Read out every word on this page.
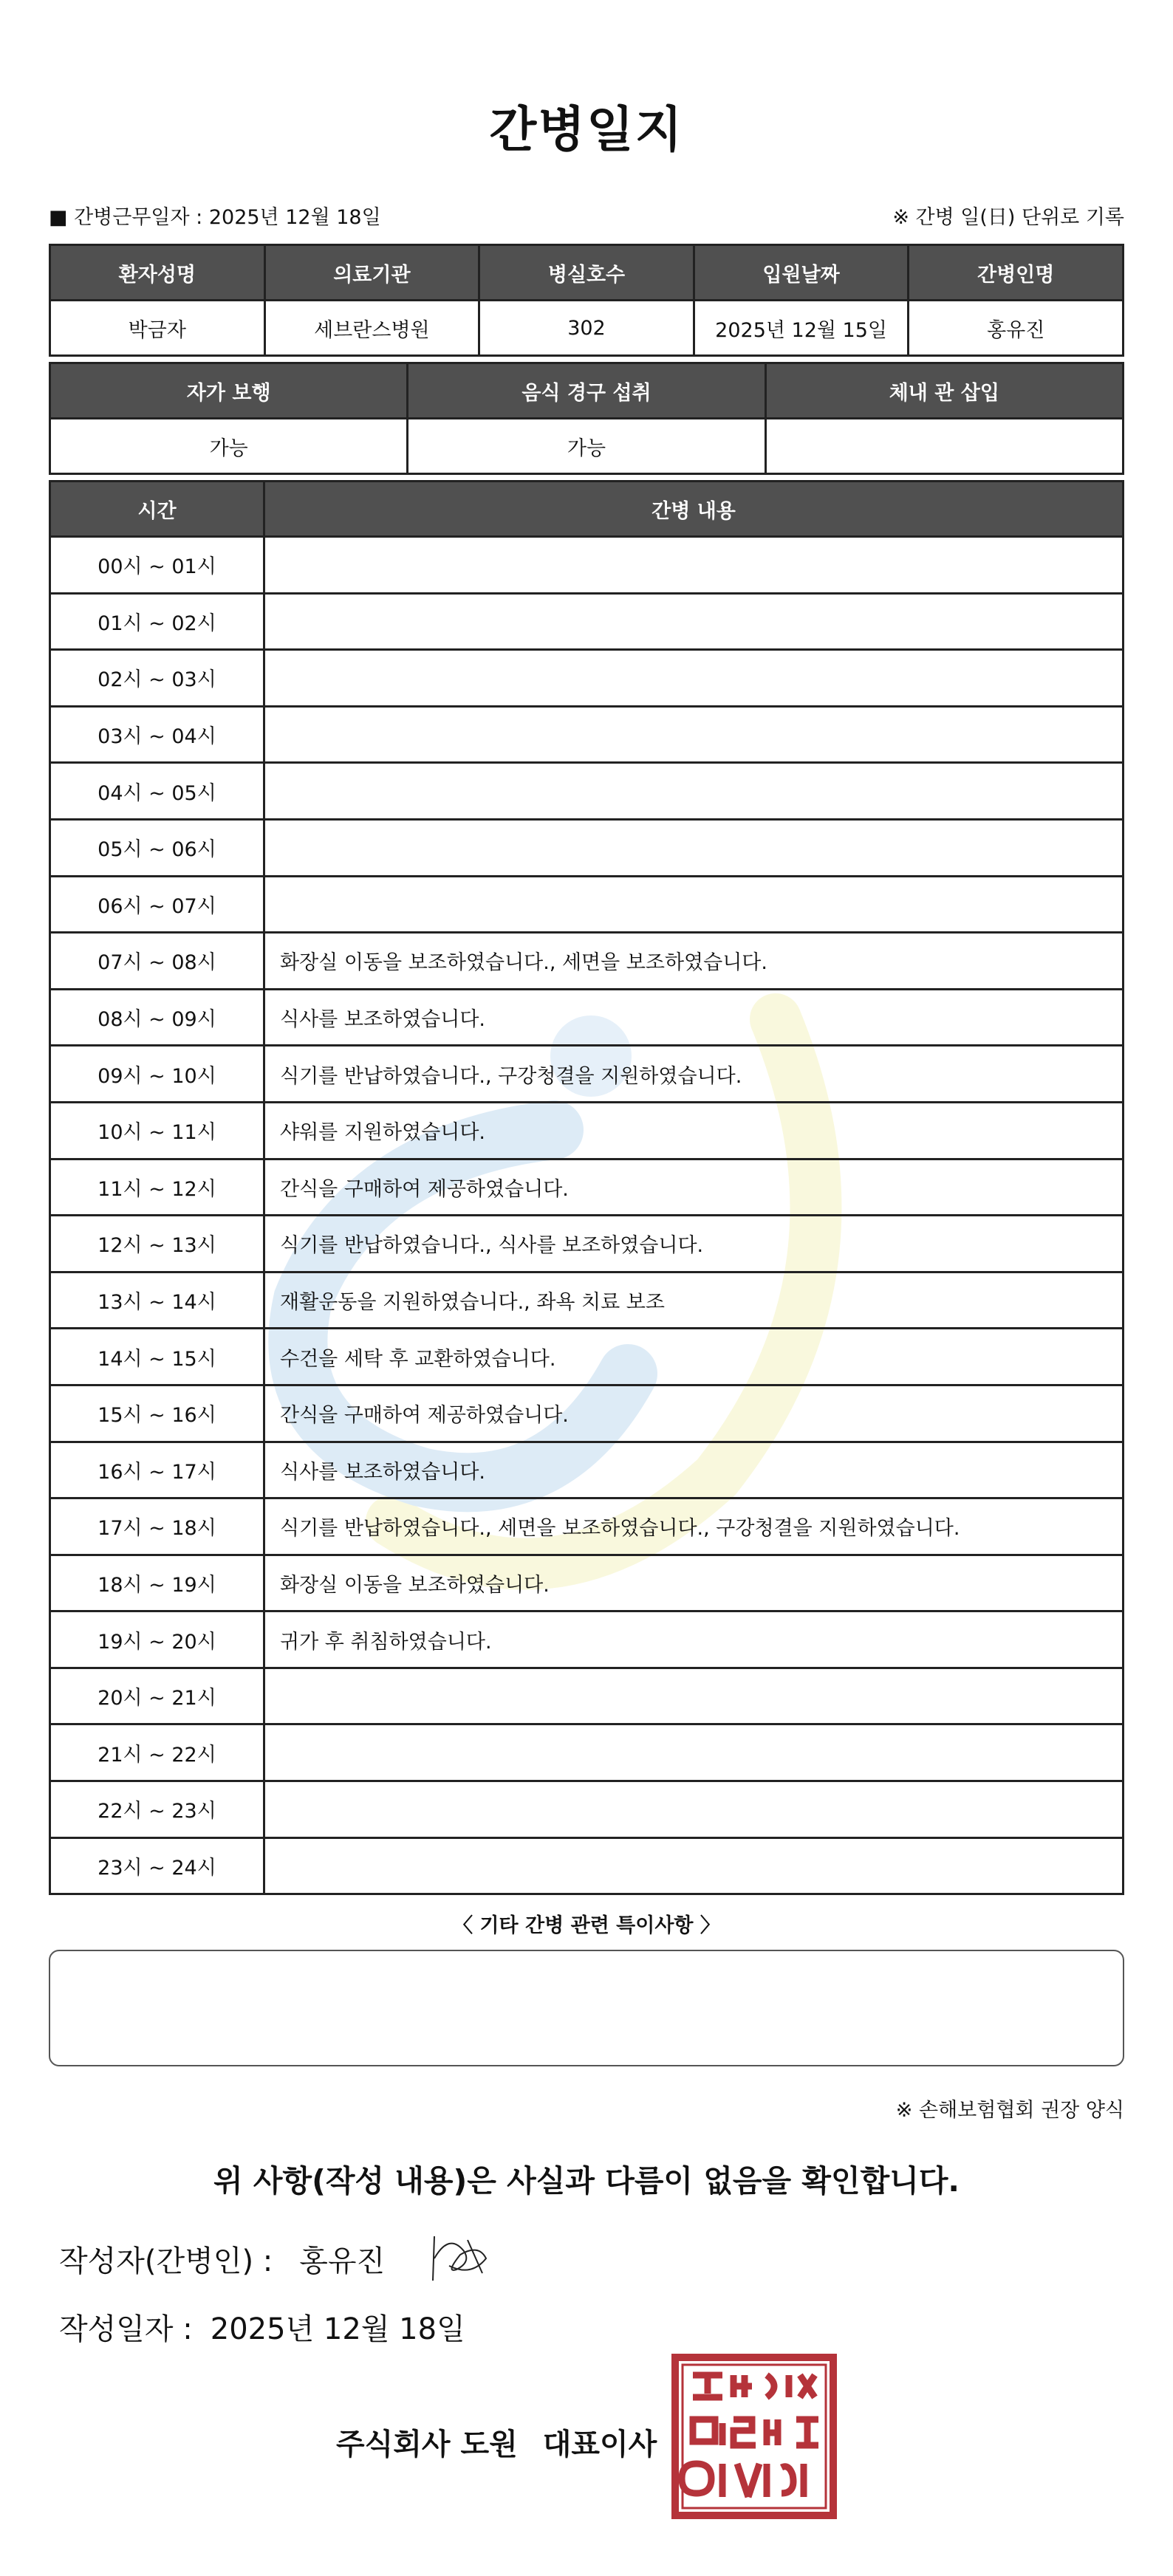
간병일지
■ 간병근무일자 : 2025년 12월 18일	※ 간병 일(日) 단위로 기록
환자성명	의료기관	병실호수	입원날짜	간병인명
박금자	세브란스병원	302	2025년 12월 15일	홍유진
자가 보행	음식 경구 섭취	체내 관 삽입
가능	가능	
시간	간병 내용
00시 ~ 01시	
01시 ~ 02시	
02시 ~ 03시	
03시 ~ 04시	
04시 ~ 05시	
05시 ~ 06시	
06시 ~ 07시	
07시 ~ 08시	화장실 이동을 보조하였습니다., 세면을 보조하였습니다.
08시 ~ 09시	식사를 보조하였습니다.
09시 ~ 10시	식기를 반납하였습니다., 구강청결을 지원하였습니다.
10시 ~ 11시	샤워를 지원하였습니다.
11시 ~ 12시	간식을 구매하여 제공하였습니다.
12시 ~ 13시	식기를 반납하였습니다., 식사를 보조하였습니다.
13시 ~ 14시	재활운동을 지원하였습니다., 좌욕 치료 보조
14시 ~ 15시	수건을 세탁 후 교환하였습니다.
15시 ~ 16시	간식을 구매하여 제공하였습니다.
16시 ~ 17시	식사를 보조하였습니다.
17시 ~ 18시	식기를 반납하였습니다., 세면을 보조하였습니다., 구강청결을 지원하였습니다.
18시 ~ 19시	화장실 이동을 보조하였습니다.
19시 ~ 20시	귀가 후 취침하였습니다.
20시 ~ 21시	
21시 ~ 22시	
22시 ~ 23시	
23시 ~ 24시	
〈 기타 간병 관련 특이사항 〉
※ 손해보험협회 권장 양식
위 사항(작성 내용)은 사실과 다름이 없음을 확인합니다.
작성자(간병인) : 홍유진
작성일자 : 2025년 12월 18일
주식회사 도원 대표이사
